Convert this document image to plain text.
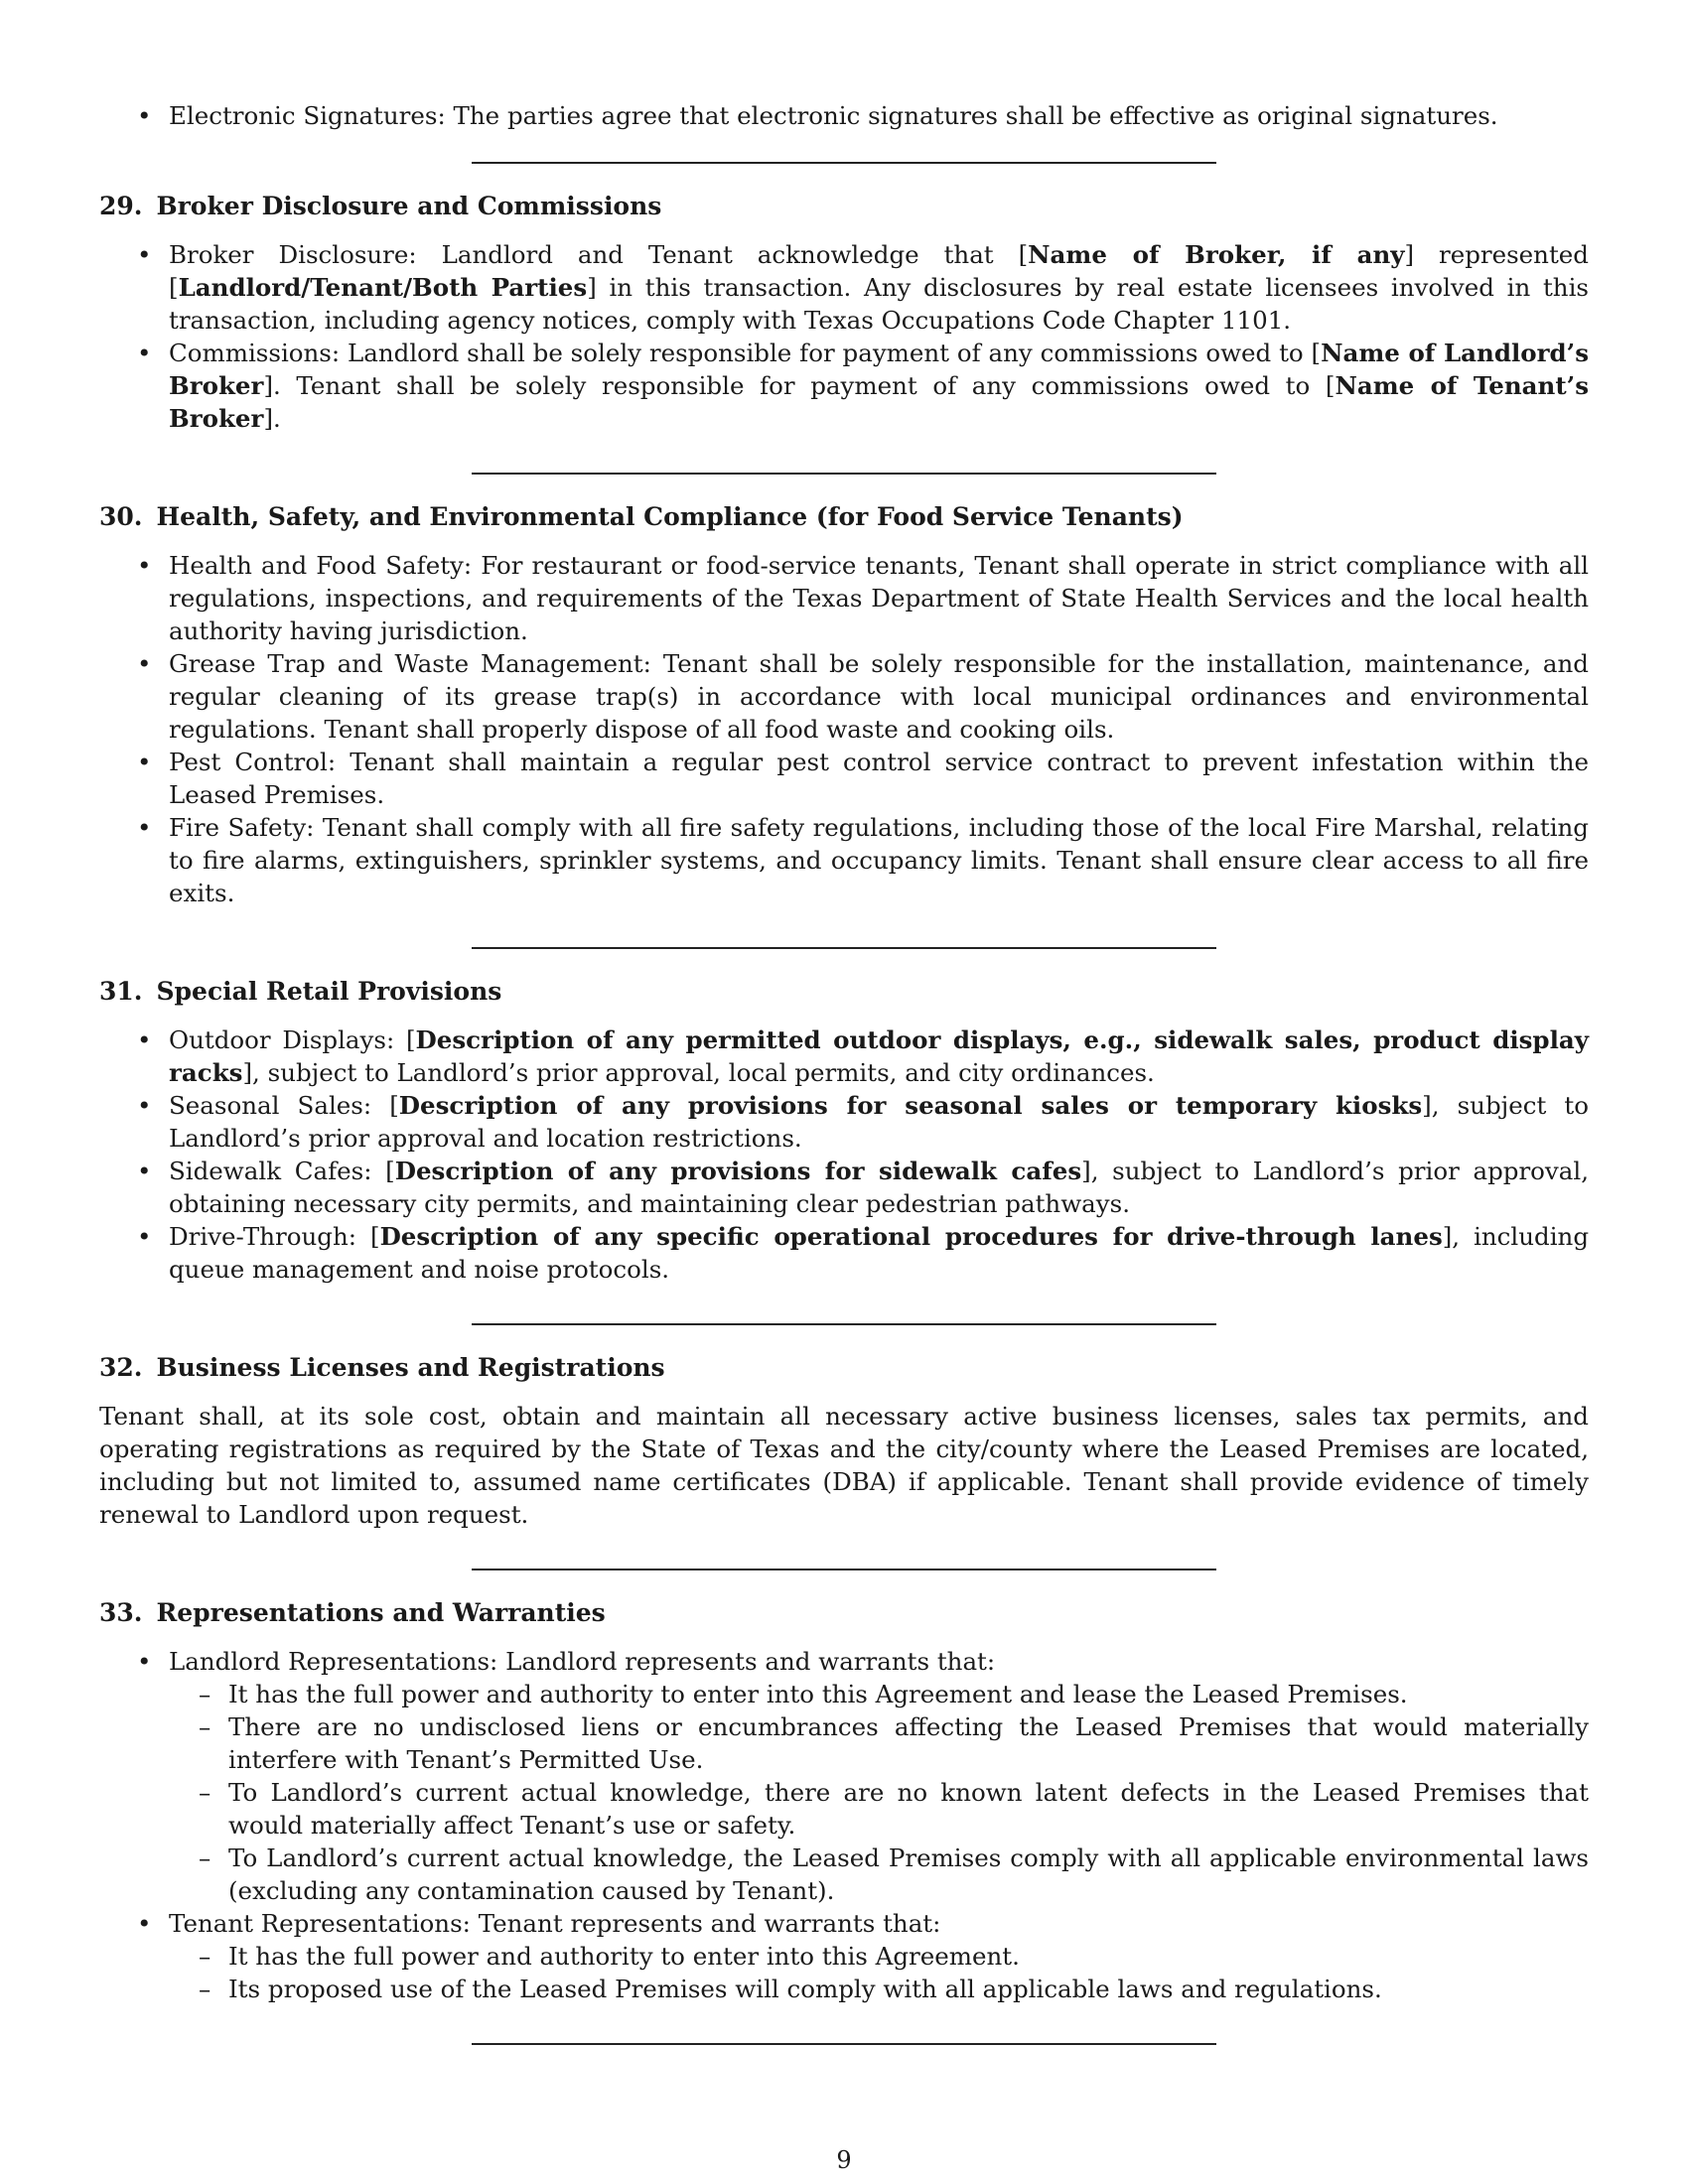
• Electronic Signatures: The parties agree that electronic signatures shall be effective as original signatures.
29. Broker Disclosure and Commissions
• Broker Disclosure: Landlord and Tenant acknowledge that [Name of Broker, if any] represented [Landlord/Tenant/Both Parties] in this transaction. Any disclosures by real estate licensees involved in this transaction, including agency notices, comply with Texas Occupations Code Chapter 1101.
• Commissions: Landlord shall be solely responsible for payment of any commissions owed to [Name of Landlord’s Broker]. Tenant shall be solely responsible for payment of any commissions owed to [Name of Tenant’s Broker].
30. Health, Safety, and Environmental Compliance (for Food Service Tenants)
• Health and Food Safety: For restaurant or food-service tenants, Tenant shall operate in strict compliance with all regulations, inspections, and requirements of the Texas Department of State Health Services and the local health authority having jurisdiction.
• Grease Trap and Waste Management: Tenant shall be solely responsible for the installation, maintenance, and regular cleaning of its grease trap(s) in accordance with local municipal ordinances and environmental regulations. Tenant shall properly dispose of all food waste and cooking oils.
• Pest Control: Tenant shall maintain a regular pest control service contract to prevent infestation within the Leased Premises.
• Fire Safety: Tenant shall comply with all fire safety regulations, including those of the local Fire Marshal, relating to fire alarms, extinguishers, sprinkler systems, and occupancy limits. Tenant shall ensure clear access to all fire exits.
31. Special Retail Provisions
• Outdoor Displays: [Description of any permitted outdoor displays, e.g., sidewalk sales, product display racks], subject to Landlord’s prior approval, local permits, and city ordinances.
• Seasonal Sales: [Description of any provisions for seasonal sales or temporary kiosks], subject to Landlord’s prior approval and location restrictions.
• Sidewalk Cafes: [Description of any provisions for sidewalk cafes], subject to Landlord’s prior approval, obtaining necessary city permits, and maintaining clear pedestrian pathways.
• Drive-Through: [Description of any specific operational procedures for drive-through lanes], including queue management and noise protocols.
32. Business Licenses and Registrations

Tenant shall, at its sole cost, obtain and maintain all necessary active business licenses, sales tax permits, and operating registrations as required by the State of Texas and the city/county where the Leased Premises are located, including but not limited to, assumed name certificates (DBA) if applicable. Tenant shall provide evidence of timely renewal to Landlord upon request.

33. Representations and Warranties
• Landlord Representations: Landlord represents and warrants that:
– It has the full power and authority to enter into this Agreement and lease the Leased Premises.
– There are no undisclosed liens or encumbrances affecting the Leased Premises that would materially interfere with Tenant’s Permitted Use.
– To Landlord’s current actual knowledge, there are no known latent defects in the Leased Premises that would materially affect Tenant’s use or safety.
– To Landlord’s current actual knowledge, the Leased Premises comply with all applicable environmental laws (excluding any contamination caused by Tenant).
• Tenant Representations: Tenant represents and warrants that:
– It has the full power and authority to enter into this Agreement.
– Its proposed use of the Leased Premises will comply with all applicable laws and regulations.
9
